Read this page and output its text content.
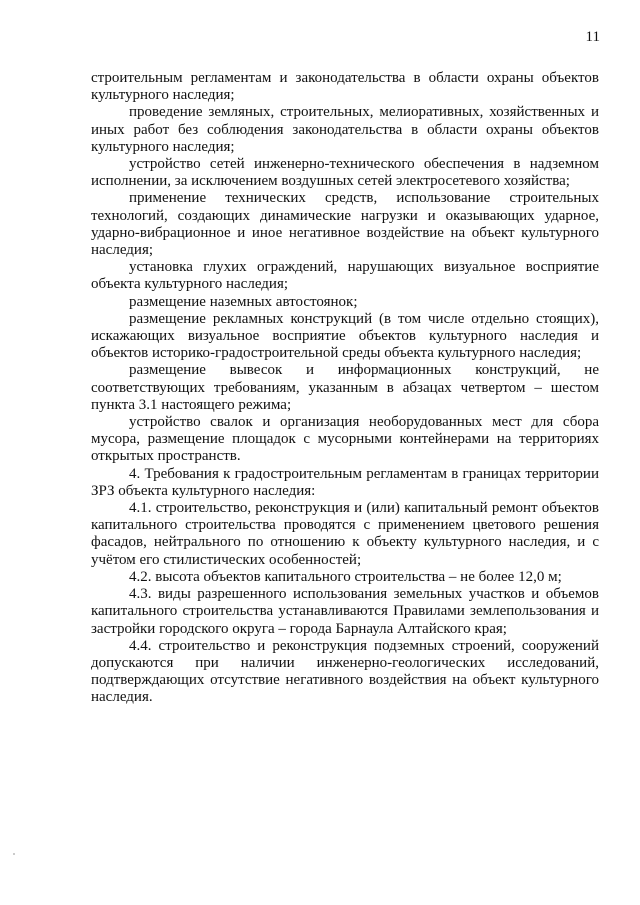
11

строительным регламентам и законодательства в области охраны объектов культурного наследия;

проведение земляных, строительных, мелиоративных, хозяйственных и иных работ без соблюдения законодательства в области охраны объектов культурного наследия;

устройство сетей инженерно-технического обеспечения в надземном исполнении, за исключением воздушных сетей электросетевого хозяйства;

применение технических средств, использование строительных технологий, создающих динамические нагрузки и оказывающих ударное, ударно-вибрационное и иное негативное воздействие на объект культурного наследия;

установка глухих ограждений, нарушающих визуальное восприятие объекта культурного наследия;

размещение наземных автостоянок;

размещение рекламных конструкций (в том числе отдельно стоящих), искажающих визуальное восприятие объектов культурного наследия и объектов историко-градостроительной среды объекта культурного наследия;

размещение вывесок и информационных конструкций, не соответствующих требованиям, указанным в абзацах четвертом – шестом пункта 3.1 настоящего режима;

устройство свалок и организация необорудованных мест для сбора мусора, размещение площадок с мусорными контейнерами на территориях открытых пространств.

4. Требования к градостроительным регламентам в границах территории ЗРЗ объекта культурного наследия:

4.1. строительство, реконструкция и (или) капитальный ремонт объектов капитального строительства проводятся с применением цветового решения фасадов, нейтрального по отношению к объекту культурного наследия, и с учётом его стилистических особенностей;

4.2. высота объектов капитального строительства – не более 12,0 м;

4.3. виды разрешенного использования земельных участков и объемов капитального строительства устанавливаются Правилами землепользования и застройки городского округа – города Барнаула Алтайского края;

4.4. строительство и реконструкция подземных строений, сооружений допускаются при наличии инженерно-геологических исследований, подтверждающих отсутствие негативного воздействия на объект культурного наследия.
